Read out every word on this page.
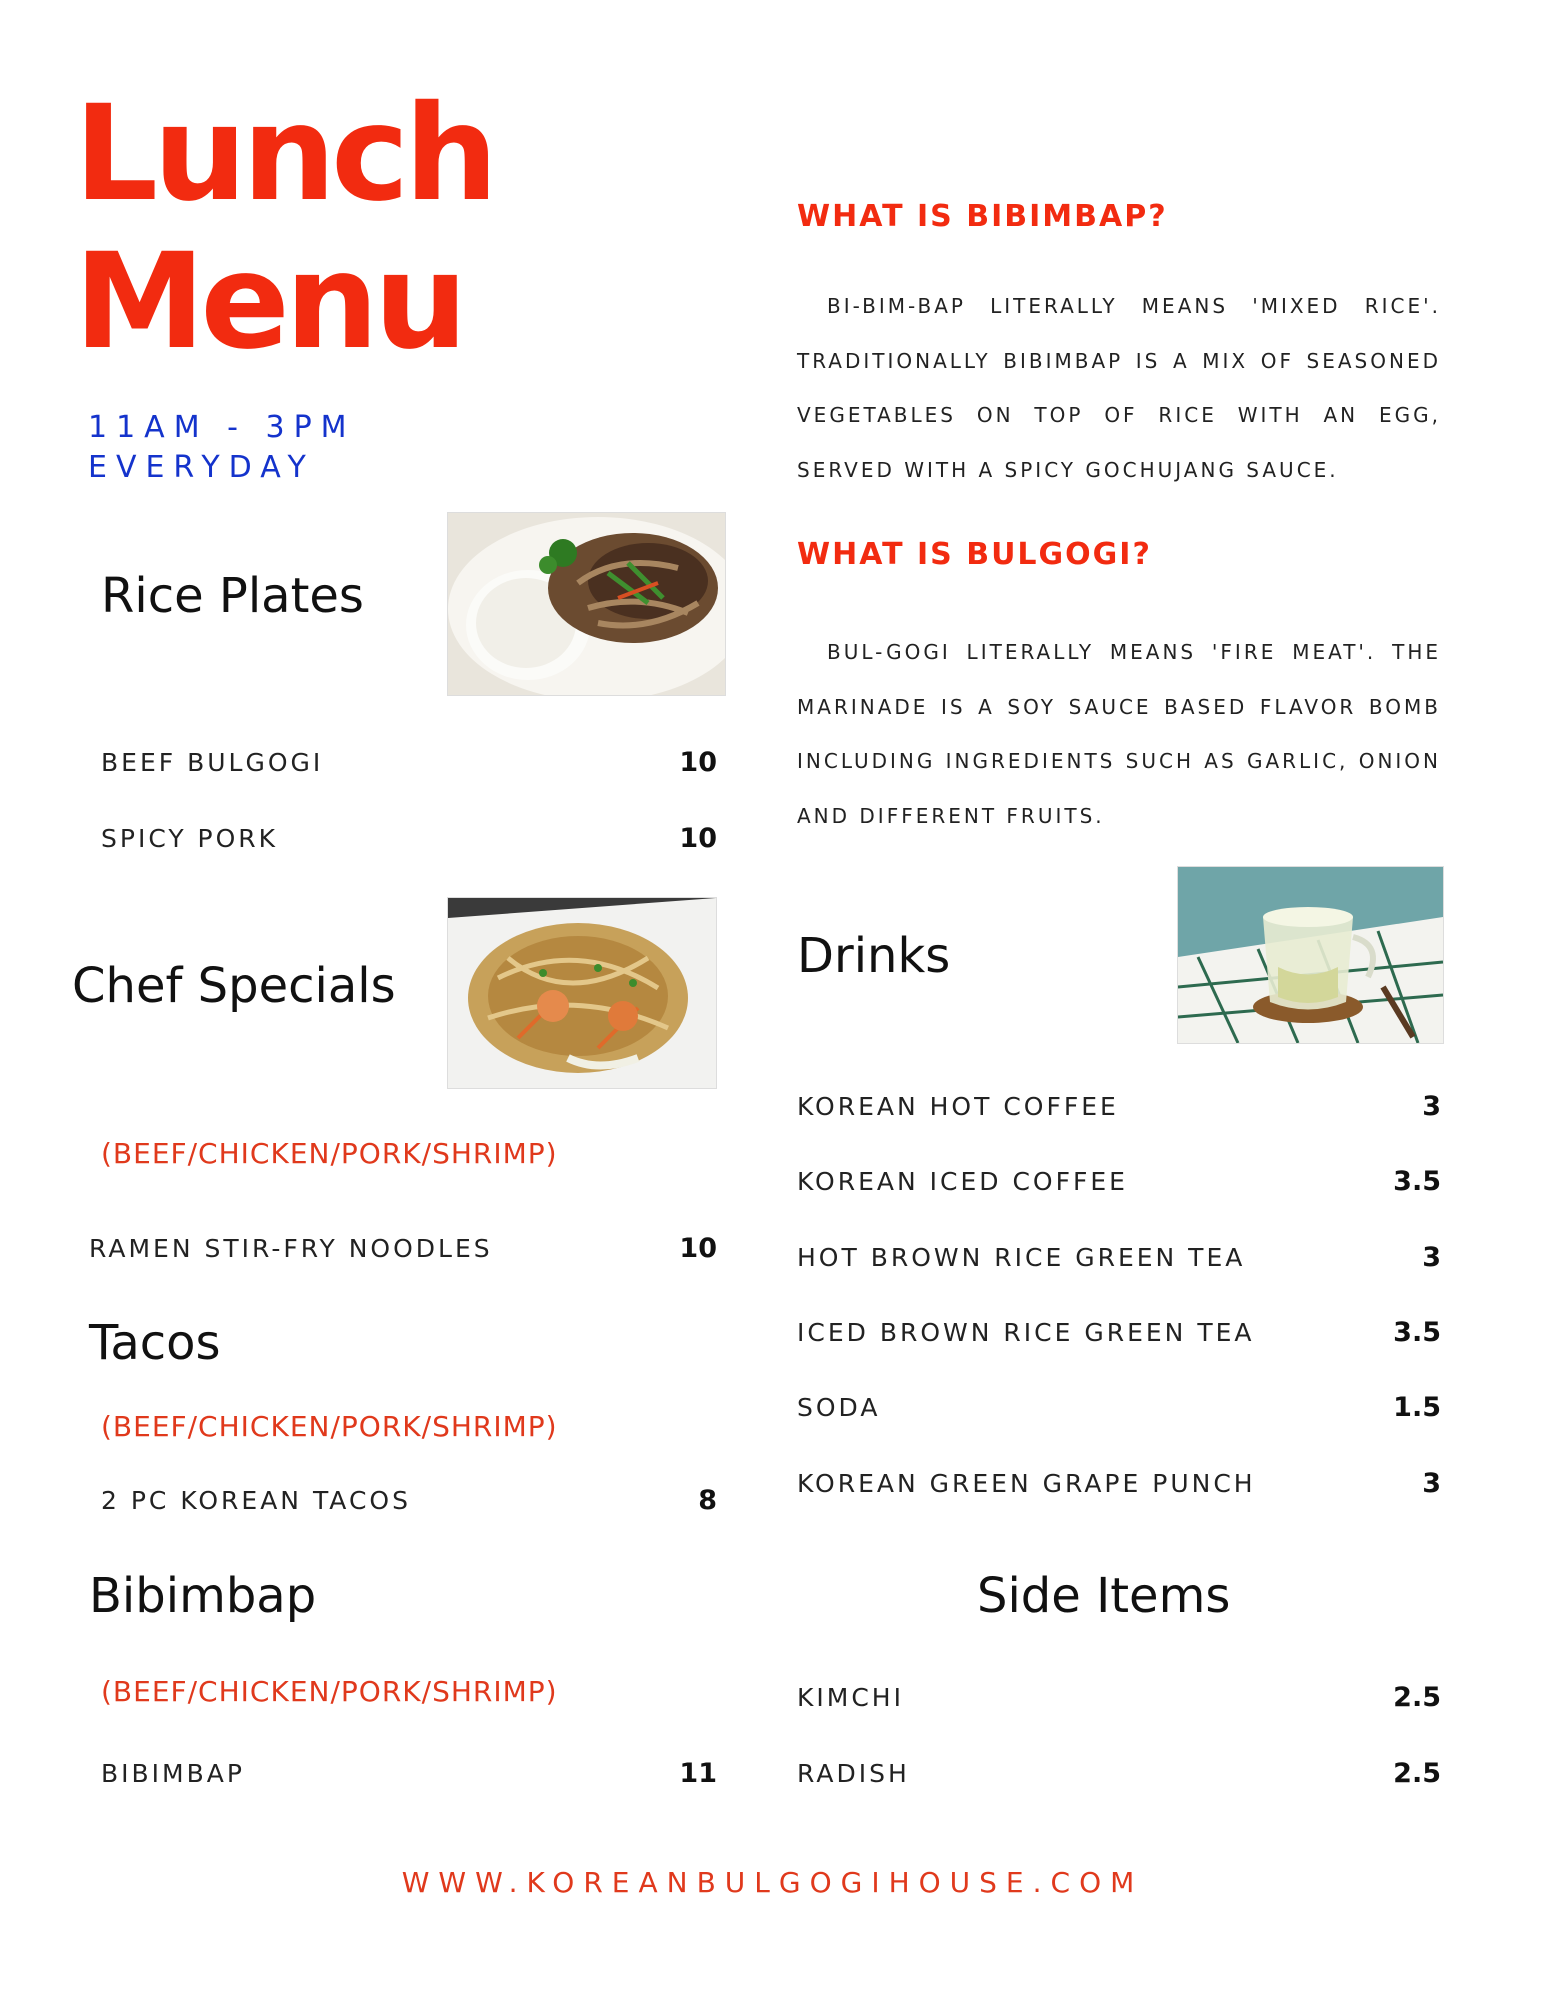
Lunch
Menu
11AM - 3PM
EVERYDAY
Rice Plates
BEEF BULGOGI	10
SPICY PORK	10
Chef Specials
(BEEF/CHICKEN/PORK/SHRIMP)
RAMEN STIR-FRY NOODLES	10
Tacos
(BEEF/CHICKEN/PORK/SHRIMP)
2 PC KOREAN TACOS	8
Bibimbap
(BEEF/CHICKEN/PORK/SHRIMP)
BIBIMBAP	11
WHAT IS BIBIMBAP?
BI-BIM-BAP LITERALLY MEANS 'MIXED RICE'. TRADITIONALLY BIBIMBAP IS A MIX OF SEASONED VEGETABLES ON TOP OF RICE WITH AN EGG, SERVED WITH A SPICY GOCHUJANG SAUCE.
WHAT IS BULGOGI?
BUL-GOGI LITERALLY MEANS 'FIRE MEAT'. THE MARINADE IS A SOY SAUCE BASED FLAVOR BOMB INCLUDING INGREDIENTS SUCH AS GARLIC, ONION AND DIFFERENT FRUITS.
Drinks
KOREAN HOT COFFEE	3
KOREAN ICED COFFEE	3.5
HOT BROWN RICE GREEN TEA	3
ICED BROWN RICE GREEN TEA	3.5
SODA	1.5
KOREAN GREEN GRAPE PUNCH	3
Side Items
KIMCHI	2.5
RADISH	2.5
WWW.KOREANBULGOGIHOUSE.COM
